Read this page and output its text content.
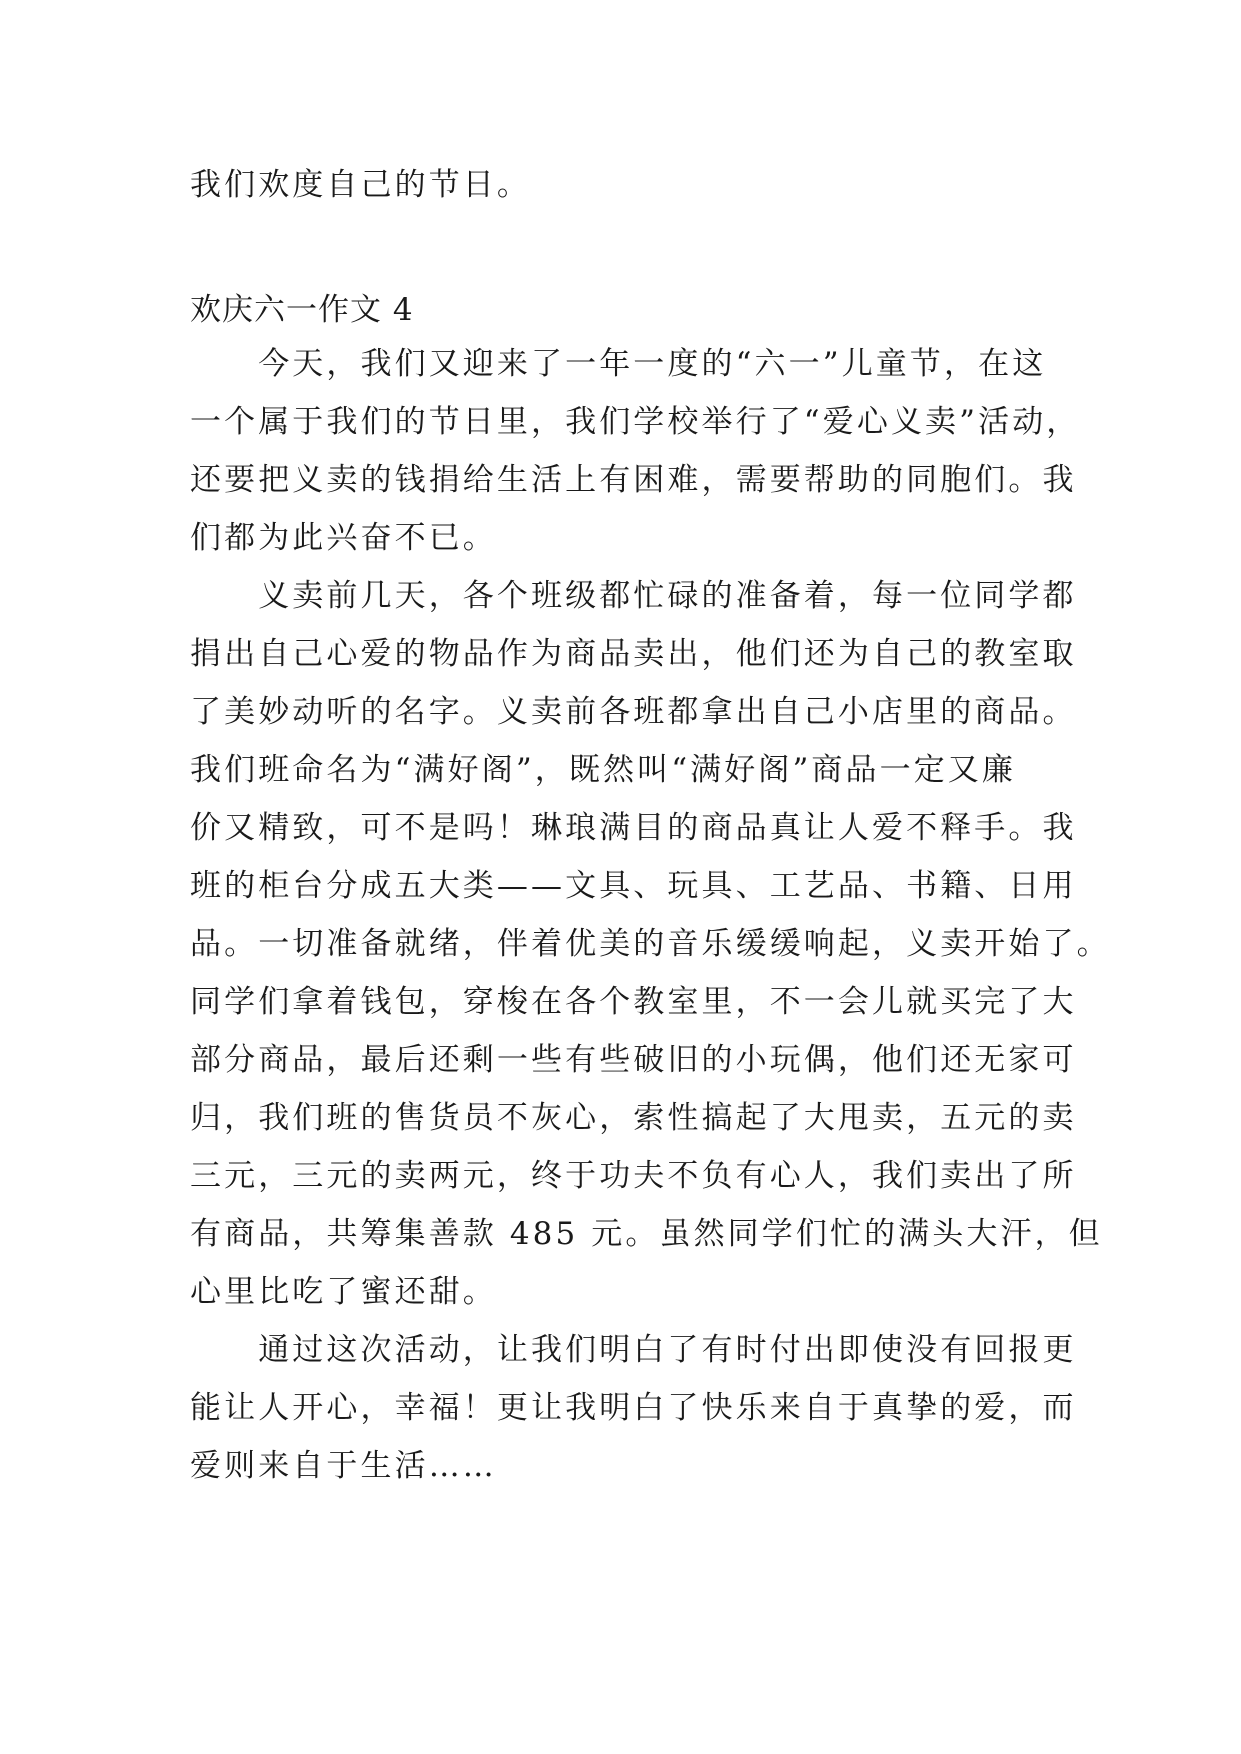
我们欢度自己的节日。
欢庆六一作文 4
　　今天，我们又迎来了一年一度的“六一”儿童节，在这
一个属于我们的节日里，我们学校举行了“爱心义卖”活动，
还要把义卖的钱捐给生活上有困难，需要帮助的同胞们。我
们都为此兴奋不已。
　　义卖前几天，各个班级都忙碌的准备着，每一位同学都
捐出自己心爱的物品作为商品卖出，他们还为自己的教室取
了美妙动听的名字。义卖前各班都拿出自己小店里的商品。
我们班命名为“满好阁”，既然叫“满好阁”商品一定又廉
价又精致，可不是吗！琳琅满目的商品真让人爱不释手。我
班的柜台分成五大类——文具、玩具、工艺品、书籍、日用
品。一切准备就绪，伴着优美的音乐缓缓响起，义卖开始了。
同学们拿着钱包，穿梭在各个教室里，不一会儿就买完了大
部分商品，最后还剩一些有些破旧的小玩偶，他们还无家可
归，我们班的售货员不灰心，索性搞起了大甩卖，五元的卖
三元，三元的卖两元，终于功夫不负有心人，我们卖出了所
有商品，共筹集善款 485 元。虽然同学们忙的满头大汗，但
心里比吃了蜜还甜。
　　通过这次活动，让我们明白了有时付出即使没有回报更
能让人开心，幸福！更让我明白了快乐来自于真挚的爱，而
爱则来自于生活……
